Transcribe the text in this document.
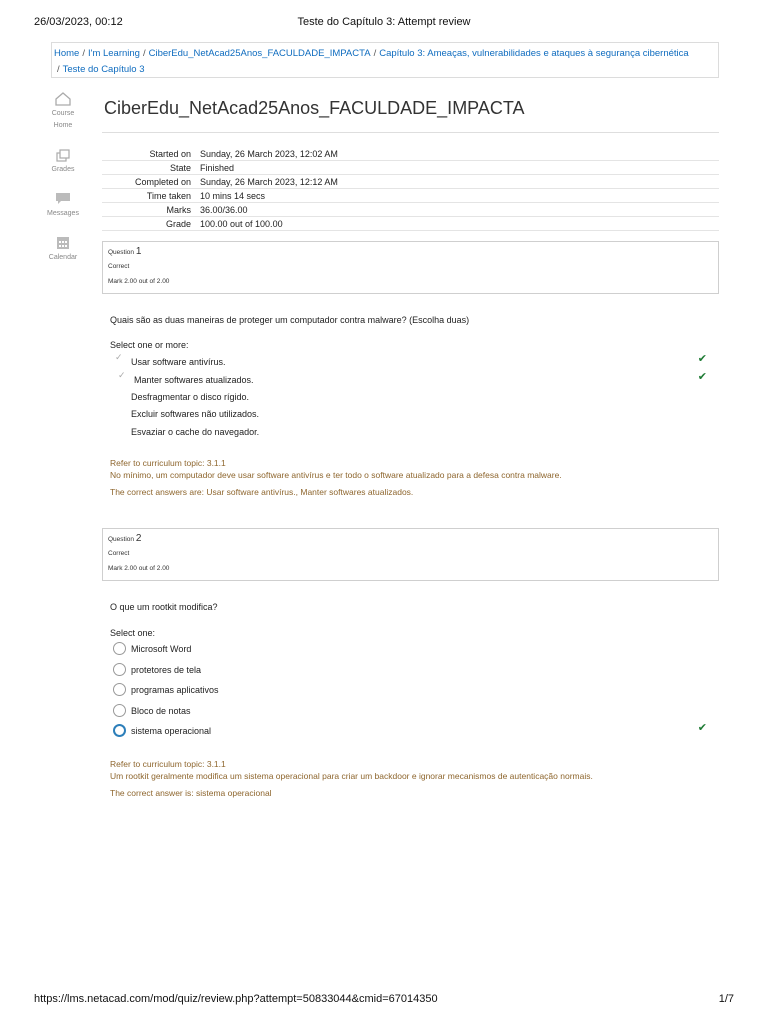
26/03/2023, 00:12	Teste do Capítulo 3: Attempt review
Home / I'm Learning / CiberEdu_NetAcad25Anos_FACULDADE_IMPACTA / Capítulo 3: Ameaças, vulnerabilidades e ataques à segurança cibernética
/ Teste do Capítulo 3
Course
Home
Grades
Messages
Calendar
CiberEdu_NetAcad25Anos_FACULDADE_IMPACTA
Started on	Sunday, 26 March 2023, 12:02 AM
State	Finished
Completed on	Sunday, 26 March 2023, 12:12 AM
Time taken	10 mins 14 secs
Marks	36.00/36.00
Grade	100.00 out of 100.00
Question 1
Correct
Mark 2.00 out of 2.00
Quais são as duas maneiras de proteger um computador contra malware? (Escolha duas)
Select one or more:
✓ Usar software antivírus.	✔
✓ Manter softwares atualizados.	✔
Desfragmentar o disco rígido.
Excluir softwares não utilizados.
Esvaziar o cache do navegador.
Refer to curriculum topic: 3.1.1
No mínimo, um computador deve usar software antivírus e ter todo o software atualizado para a defesa contra malware.
The correct answers are: Usar software antivírus., Manter softwares atualizados.
Question 2
Correct
Mark 2.00 out of 2.00
O que um rootkit modifica?
Select one:
Microsoft Word
protetores de tela
programas aplicativos
Bloco de notas
sistema operacional	✔
Refer to curriculum topic: 3.1.1
Um rootkit geralmente modifica um sistema operacional para criar um backdoor e ignorar mecanismos de autenticação normais.
The correct answer is: sistema operacional
https://lms.netacad.com/mod/quiz/review.php?attempt=50833044&cmid=67014350	1/7
